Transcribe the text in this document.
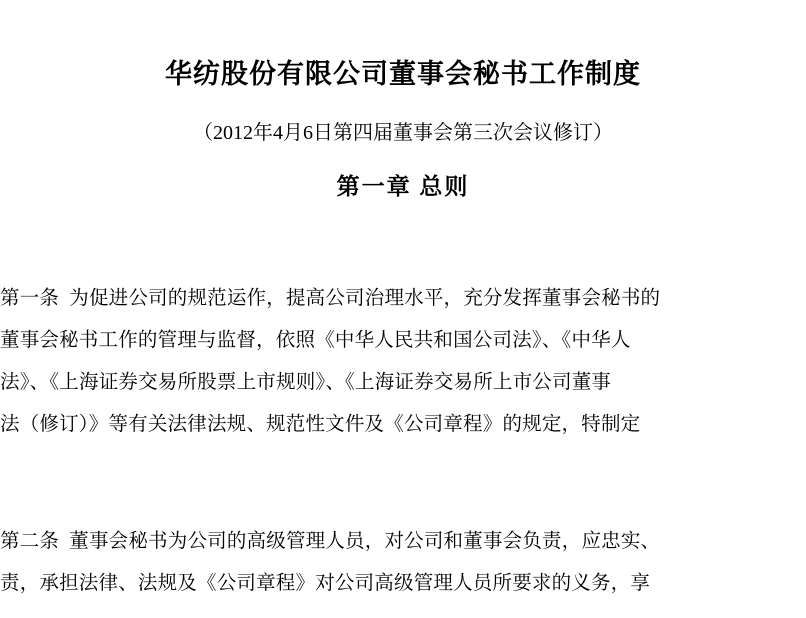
华纺股份有限公司董事会秘书工作制度
（2012年4月6日第四届董事会第三次会议修订）
第一章 总则
第一条  为促进公司的规范运作，提高公司治理水平，充分发挥董事会秘书的
董事会秘书工作的管理与监督，依照《中华人民共和国公司法》、《中华人
法》、《上海证券交易所股票上市规则》、《上海证券交易所上市公司董事
法（修订）》等有关法律法规、规范性文件及《公司章程》的规定，特制定
第二条  董事会秘书为公司的高级管理人员，对公司和董事会负责，应忠实、
责，承担法律、法规及《公司章程》对公司高级管理人员所要求的义务，享
